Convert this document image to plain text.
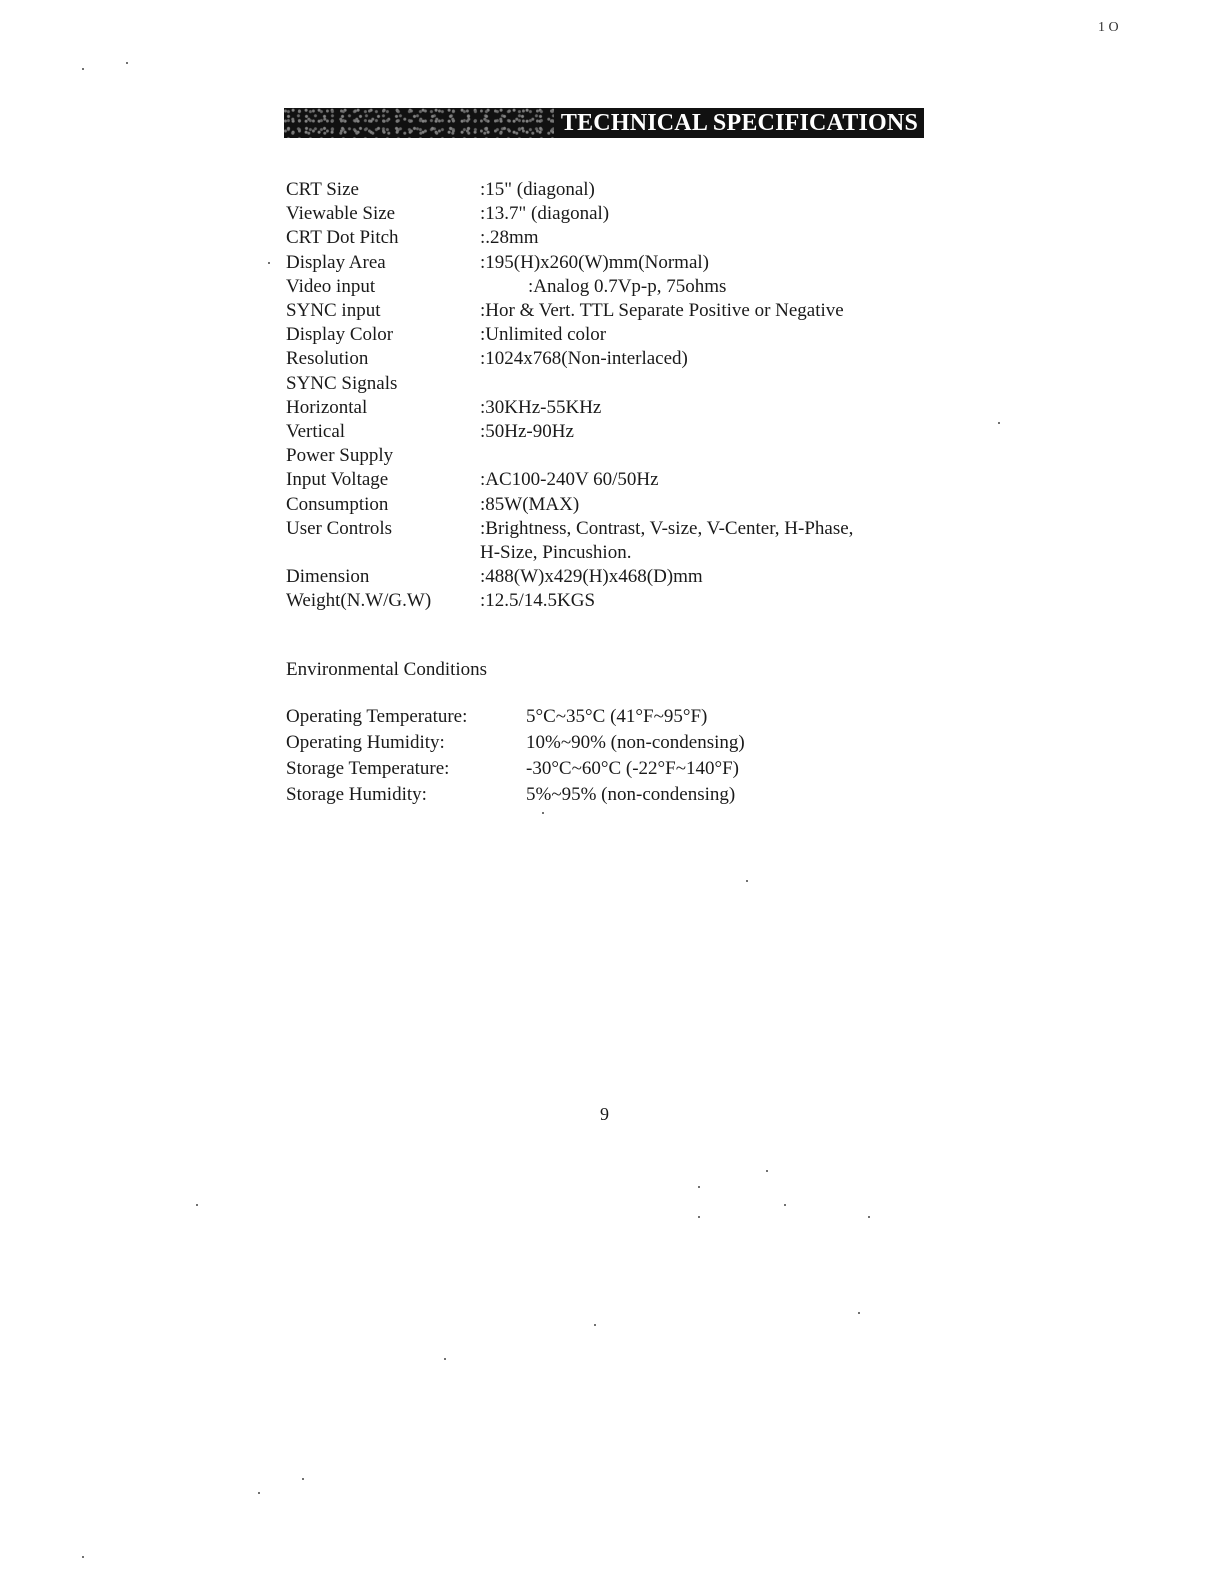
1 O
TECHNICAL SPECIFICATIONS
CRT Size	:15" (diagonal)
Viewable Size	:13.7" (diagonal)
CRT Dot Pitch	:.28mm
Display Area	:195(H)x260(W)mm(Normal)
Video input	:Analog 0.7Vp-p, 75ohms
SYNC input	:Hor & Vert. TTL Separate Positive or Negative
Display Color	:Unlimited color
Resolution	:1024x768(Non-interlaced)
SYNC Signals
Horizontal	:30KHz-55KHz
Vertical	:50Hz-90Hz
Power Supply
Input Voltage	:AC100-240V 60/50Hz
Consumption	:85W(MAX)
User Controls	:Brightness, Contrast, V-size, V-Center, H-Phase,
H-Size, Pincushion.
Dimension	:488(W)x429(H)x468(D)mm
Weight(N.W/G.W)	:12.5/14.5KGS
Environmental Conditions
Operating Temperature:	5°C~35°C (41°F~95°F)
Operating Humidity:	10%~90% (non-condensing)
Storage Temperature:	-30°C~60°C (-22°F~140°F)
Storage Humidity:	5%~95% (non-condensing)
9
